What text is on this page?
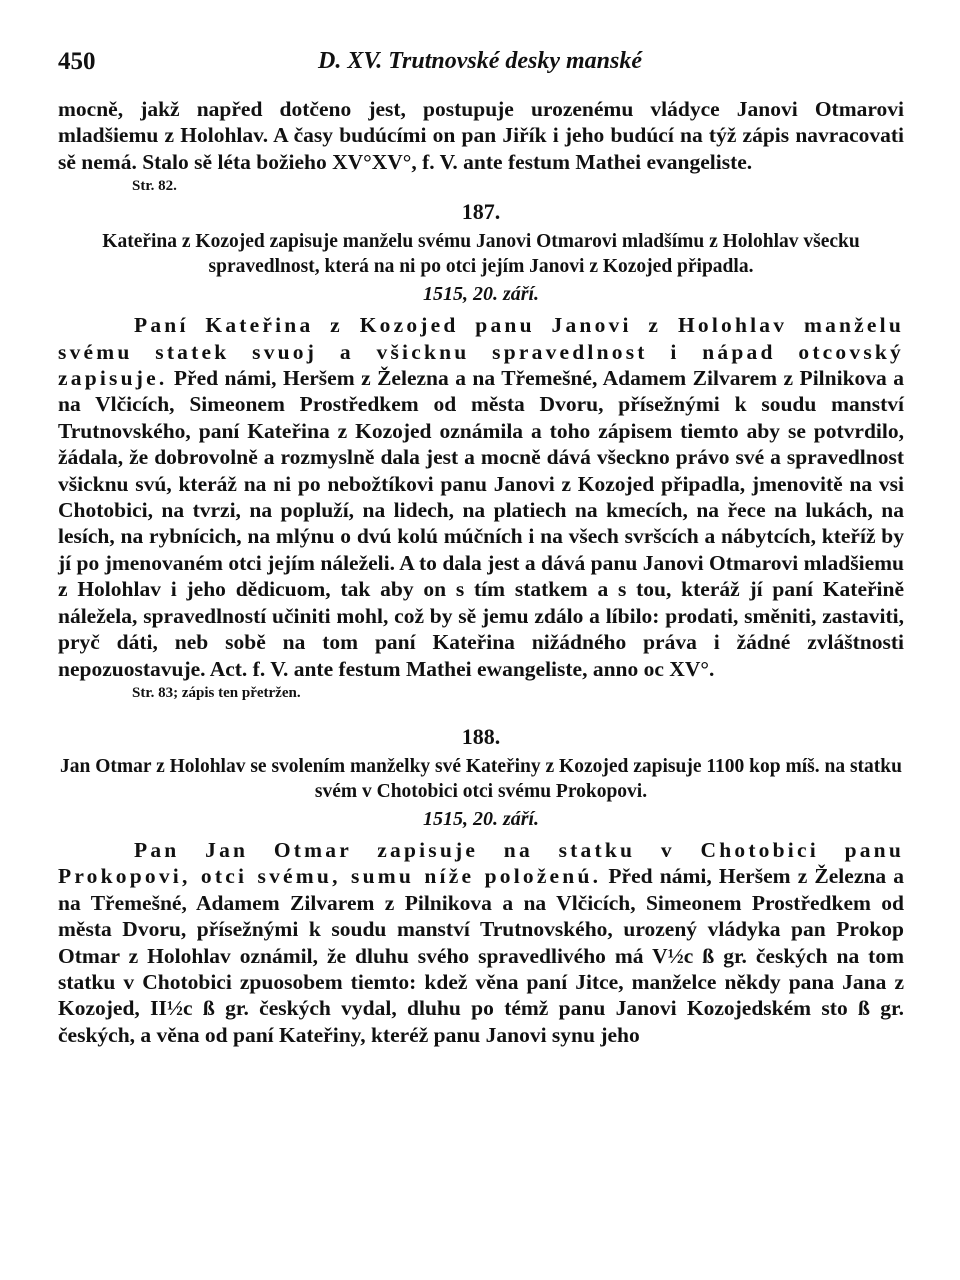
450	D. XV. Trutnovské desky manské

mocně, jakž napřed dotčeno jest, postupuje urozenému vládyce Janovi Otmarovi mladšiemu z Holohlav. A časy budúcími on pan Jiřík i jeho budúcí na týž zápis navracovati sě nemá. Stalo sě léta božieho XV°XV°, f. V. ante festum Mathei evangeliste.

Str. 82.
187.
Kateřina z Kozojed zapisuje manželu svému Janovi Otmarovi mladšímu z Holohlav všecku spravedlnost, která na ni po otci jejím Janovi z Kozojed připadla.
1515, 20. září.

Paní Kateřina z Kozojed panu Janovi z Holohlav manželu svému statek svuoj a všicknu spravedlnost i nápad otcovský zapisuje. Před námi, Heršem z Železna a na Třemešné, Adamem Zilvarem z Pilnikova a na Vlčicích, Simeonem Prostředkem od města Dvoru, přísežnými k soudu manství Trutnovského, paní Kateřina z Kozojed oznámila a toho zápisem tiemto aby se potvrdilo, žádala, že dobrovolně a rozmyslně dala jest a mocně dává všeckno právo své a spravedlnost všicknu svú, kteráž na ni po nebožtíkovi panu Janovi z Kozojed připadla, jmenovitě na vsi Chotobici, na tvrzi, na popluží, na lidech, na platiech na kmecích, na řece na lukách, na lesích, na rybnícich, na mlýnu o dvú kolú múčních i na všech svršcích a nábytcích, kteříž by jí po jmenovaném otci jejím náleželi. A to dala jest a dává panu Janovi Otmarovi mladšiemu z Holohlav i jeho dědicuom, tak aby on s tím statkem a s tou, kteráž jí paní Kateřině náležela, spravedlností učiniti mohl, což by sě jemu zdálo a líbilo: prodati, směniti, zastaviti, pryč dáti, neb sobě na tom paní Kateřina nižádného práva i žádné zvláštnosti nepozuostavuje. Act. f. V. ante festum Mathei ewangeliste, anno oc XV°.

Str. 83; zápis ten přetržen.
188.
Jan Otmar z Holohlav se svolením manželky své Kateřiny z Kozojed zapisuje 1100 kop míš. na statku svém v Chotobici otci svému Prokopovi.
1515, 20. září.

Pan Jan Otmar zapisuje na statku v Chotobici panu Prokopovi, otci svému, sumu níže položenú. Před námi, Heršem z Železna a na Třemešné, Adamem Zilvarem z Pilnikova a na Vlčicích, Simeonem Prostředkem od města Dvoru, přísežnými k soudu manství Trutnovského, urozený vládyka pan Prokop Otmar z Holohlav oznámil, že dluhu svého spravedlivého má V½c ß gr. českých na tom statku v Chotobici zpuosobem tiemto: kdež věna paní Jitce, manželce někdy pana Jana z Kozojed, II½c ß gr. českých vydal, dluhu po témž panu Janovi Kozojedském sto ß gr. českých, a věna od paní Kateřiny, kteréž panu Janovi synu jeho
